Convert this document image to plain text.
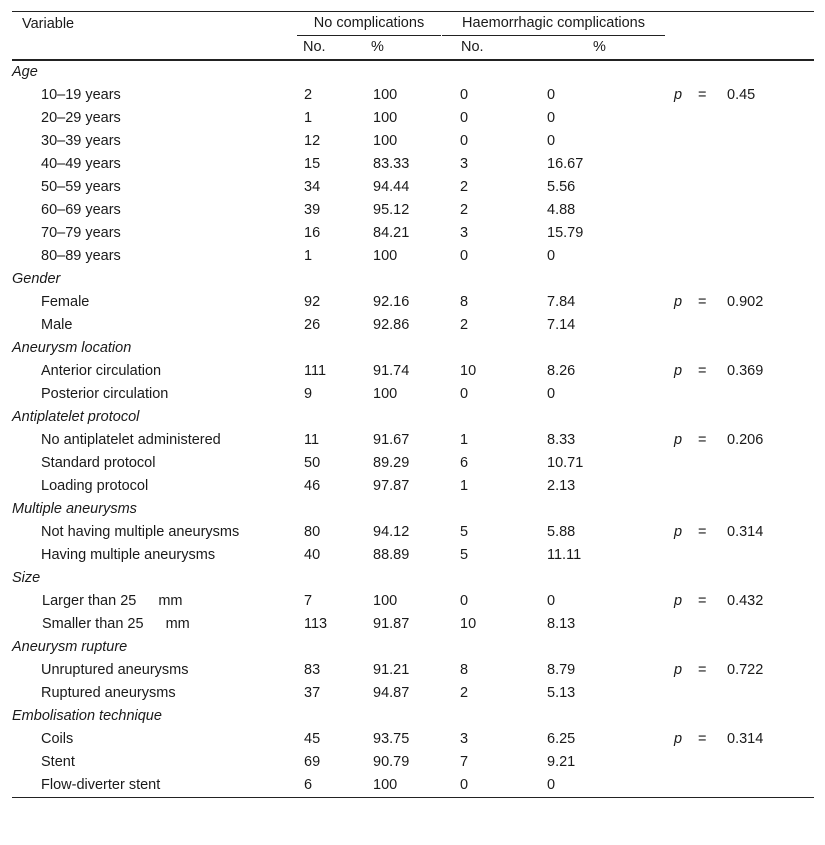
	Variable	No complications		Haemorrhagic complications				
		No.	%	No.	%			
Age								
	10–19 years	2	100	0	0	p	=	0.45
	20–29 years	1	100	0	0			
	30–39 years	12	100	0	0			
	40–49 years	15	83.33	3	16.67			
	50–59 years	34	94.44	2	5.56			
	60–69 years	39	95.12	2	4.88			
	70–79 years	16	84.21	3	15.79			
	80–89 years	1	100	0	0			
Gender								
	Female	92	92.16	8	7.84	p	=	0.902
	Male	26	92.86	2	7.14			
Aneurysm location								
	Anterior circulation	111	91.74	10	8.26	p	=	0.369
	Posterior circulation	9	100	0	0			
Antiplatelet protocol								
	No antiplatelet administered	11	91.67	1	8.33	p	=	0.206
	Standard protocol	50	89.29	6	10.71			
	Loading protocol	46	97.87	1	2.13			
Multiple aneurysms								
	Not having multiple aneurysms	80	94.12	5	5.88	p	=	0.314
	Having multiple aneurysms	40	88.89	5	11.11			
Size								
	Larger than 25 mm	7	100	0	0	p	=	0.432
	Smaller than 25 mm	113	91.87	10	8.13			
Aneurysm rupture								
	Unruptured aneurysms	83	91.21	8	8.79	p	=	0.722
	Ruptured aneurysms	37	94.87	2	5.13			
Embolisation technique								
	Coils	45	93.75	3	6.25	p	=	0.314
	Stent	69	90.79	7	9.21			
	Flow-diverter stent	6	100	0	0			
